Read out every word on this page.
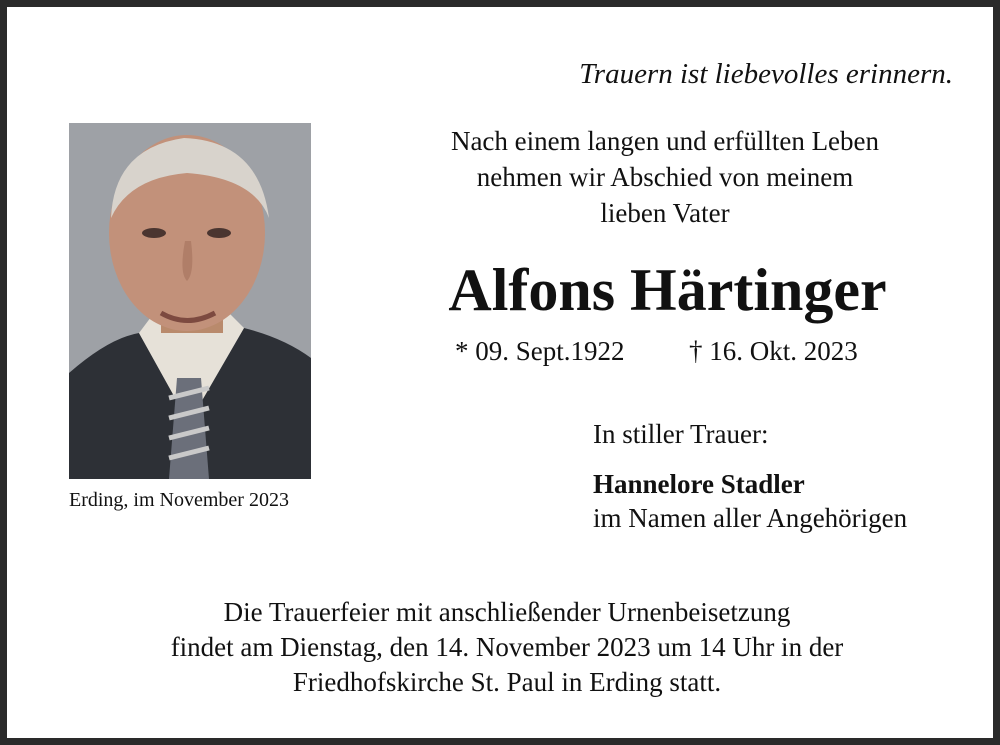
Trauern ist liebevolles erinnern.
Erding, im November 2023
Nach einem langen und erfüllten Leben
nehmen wir Abschied von meinem
lieben Vater
Alfons Härtinger
* 09. Sept.1922 † 16. Okt. 2023
In stiller Trauer:
Hannelore Stadler
im Namen aller Angehörigen
Die Trauerfeier mit anschließender Urnenbeisetzung
findet am Dienstag, den 14. November 2023 um 14 Uhr in der
Friedhofskirche St. Paul in Erding statt.
